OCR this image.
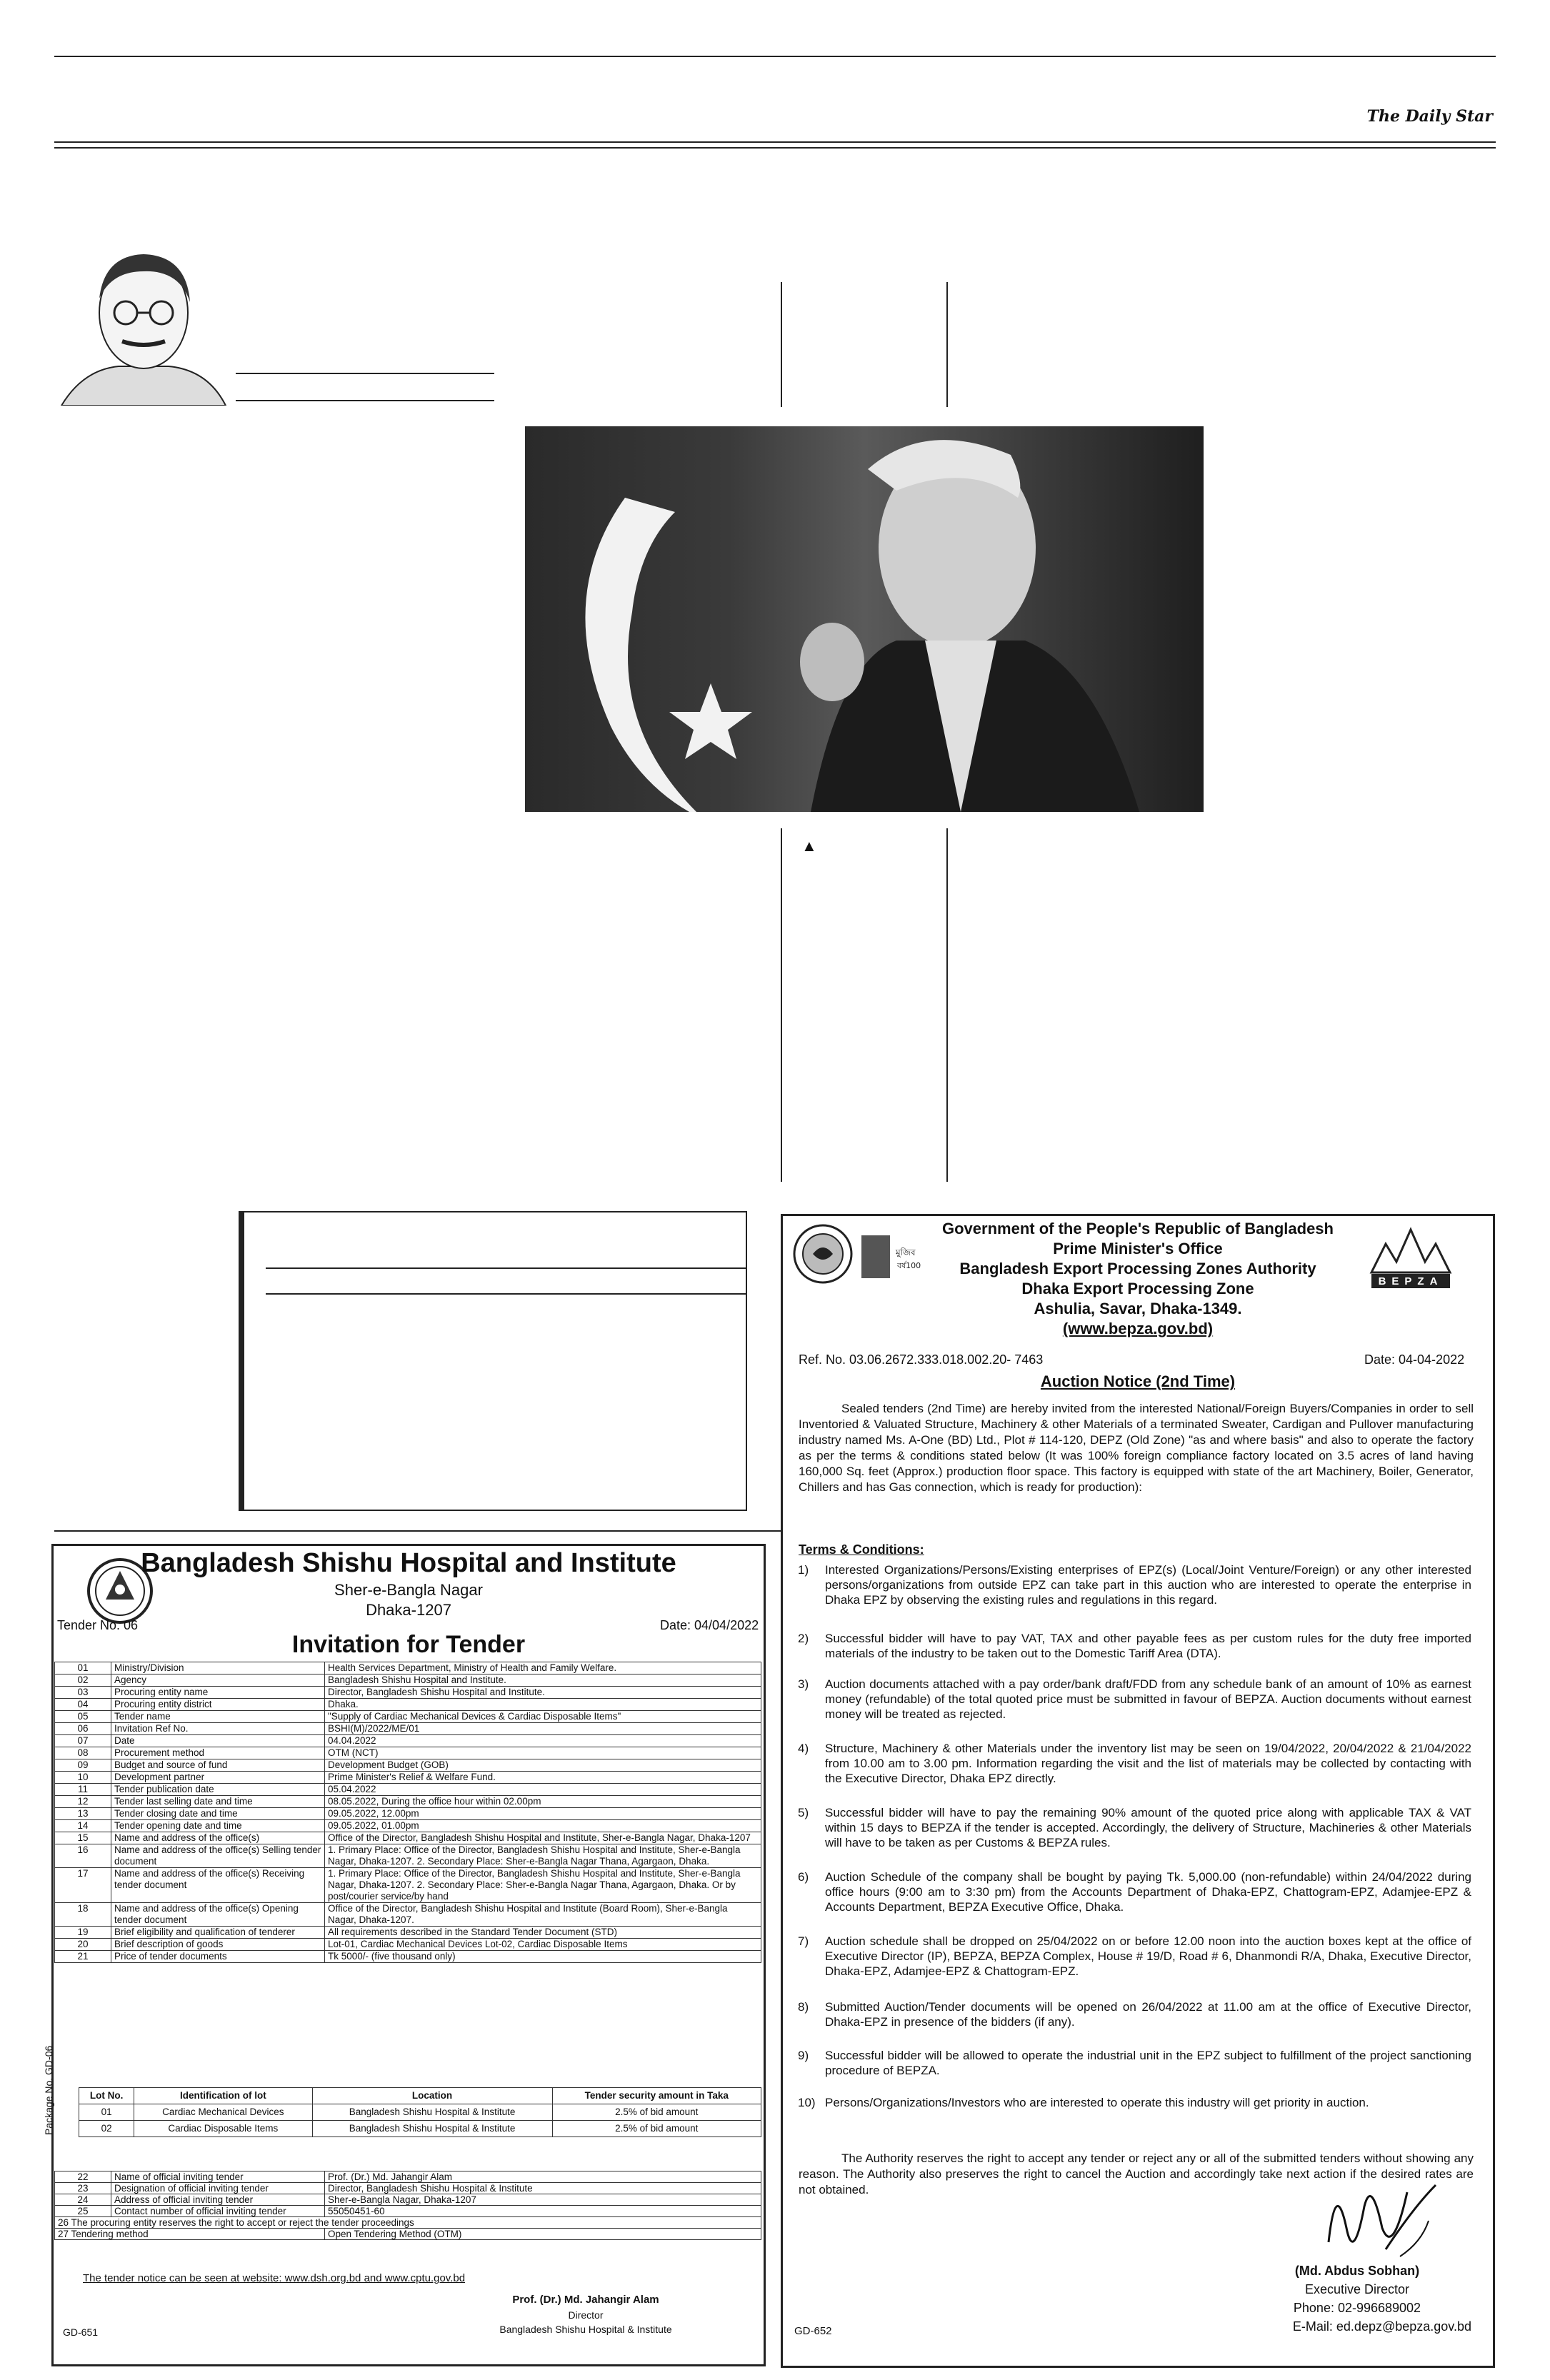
The Daily Star
▲
Bangladesh Shishu Hospital and Institute
Sher-e-Bangla Nagar
Dhaka-1207
Tender No. 06	Date: 04/04/2022
Invitation for Tender
01	Ministry/Division	Health Services Department, Ministry of Health and Family Welfare.
02	Agency	Bangladesh Shishu Hospital and Institute.
03	Procuring entity name	Director, Bangladesh Shishu Hospital and Institute.
04	Procuring entity district	Dhaka.
05	Tender name	"Supply of Cardiac Mechanical Devices & Cardiac Disposable Items"
06	Invitation Ref No.	BSHI(M)/2022/ME/01
07	Date	04.04.2022
08	Procurement method	OTM (NCT)
09	Budget and source of fund	Development Budget (GOB)
10	Development partner	Prime Minister's Relief & Welfare Fund.
11	Tender publication date	05.04.2022
12	Tender last selling date and time	08.05.2022, During the office hour within 02.00pm
13	Tender closing date and time	09.05.2022, 12.00pm
14	Tender opening date and time	09.05.2022, 01.00pm
15	Name and address of the office(s)	Office of the Director, Bangladesh Shishu Hospital and Institute, Sher-e-Bangla Nagar, Dhaka-1207
16	Name and address of the office(s) Selling tender document	1. Primary Place: Office of the Director, Bangladesh Shishu Hospital and Institute, Sher-e-Bangla Nagar, Dhaka-1207. 2. Secondary Place: Sher-e-Bangla Nagar Thana, Agargaon, Dhaka.
17	Name and address of the office(s) Receiving tender document	1. Primary Place: Office of the Director, Bangladesh Shishu Hospital and Institute, Sher-e-Bangla Nagar, Dhaka-1207. 2. Secondary Place: Sher-e-Bangla Nagar Thana, Agargaon, Dhaka. Or by post/courier service/by hand
18	Name and address of the office(s) Opening tender document	Office of the Director, Bangladesh Shishu Hospital and Institute (Board Room), Sher-e-Bangla Nagar, Dhaka-1207.
19	Brief eligibility and qualification of tenderer	All requirements described in the Standard Tender Document (STD)
20	Brief description of goods	Lot-01, Cardiac Mechanical Devices Lot-02, Cardiac Disposable Items
21	Price of tender documents	Tk 5000/- (five thousand only)
Package No. GD-06	Lot No.	Identification of lot	Location	Tender security amount in Taka
01	Cardiac Mechanical Devices	Bangladesh Shishu Hospital & Institute	2.5% of bid amount
02	Cardiac Disposable Items	Bangladesh Shishu Hospital & Institute	2.5% of bid amount
22	Name of official inviting tender	Prof. (Dr.) Md. Jahangir Alam
23	Designation of official inviting tender	Director, Bangladesh Shishu Hospital & Institute
24	Address of official inviting tender	Sher-e-Bangla Nagar, Dhaka-1207
25	Contact number of official inviting tender	55050451-60
26 The procuring entity reserves the right to accept or reject the tender proceedings		
27 Tendering method		Open Tendering Method (OTM)
The tender notice can be seen at website: www.dsh.org.bd and www.cptu.gov.bd
Prof. (Dr.) Md. Jahangir Alam
Director
Bangladesh Shishu Hospital & Institute
GD-651
মুজিব
বর্ষ100
BEPZA
Government of the People's Republic of Bangladesh
Prime Minister's Office
Bangladesh Export Processing Zones Authority
Dhaka Export Processing Zone
Ashulia, Savar, Dhaka-1349.
(www.bepza.gov.bd)
Ref. No. 03.06.2672.333.018.002.20- 7463	Date: 04-04-2022
Auction Notice (2nd Time)
Sealed tenders (2nd Time) are hereby invited from the interested National/Foreign Buyers/Companies in order to sell Inventoried & Valuated Structure, Machinery & other Materials of a terminated Sweater, Cardigan and Pullover manufacturing industry named Ms. A-One (BD) Ltd., Plot # 114-120, DEPZ (Old Zone) "as and where basis" and also to operate the factory as per the terms & conditions stated below (It was 100% foreign compliance factory located on 3.5 acres of land having 160,000 Sq. feet (Approx.) production floor space. This factory is equipped with state of the art Machinery, Boiler, Generator, Chillers and has Gas connection, which is ready for production):
Terms & Conditions:
1) Interested Organizations/Persons/Existing enterprises of EPZ(s) (Local/Joint Venture/Foreign) or any other interested persons/organizations from outside EPZ can take part in this auction who are interested to operate the enterprise in Dhaka EPZ by observing the existing rules and regulations in this regard.
2) Successful bidder will have to pay VAT, TAX and other payable fees as per custom rules for the duty free imported materials of the industry to be taken out to the Domestic Tariff Area (DTA).
3) Auction documents attached with a pay order/bank draft/FDD from any schedule bank of an amount of 10% as earnest money (refundable) of the total quoted price must be submitted in favour of BEPZA. Auction documents without earnest money will be treated as rejected.
4) Structure, Machinery & other Materials under the inventory list may be seen on 19/04/2022, 20/04/2022 & 21/04/2022 from 10.00 am to 3.00 pm. Information regarding the visit and the list of materials may be collected by contacting with the Executive Director, Dhaka EPZ directly.
5) Successful bidder will have to pay the remaining 90% amount of the quoted price along with applicable TAX & VAT within 15 days to BEPZA if the tender is accepted. Accordingly, the delivery of Structure, Machineries & other Materials will have to be taken as per Customs & BEPZA rules.
6) Auction Schedule of the company shall be bought by paying Tk. 5,000.00 (non-refundable) within 24/04/2022 during office hours (9:00 am to 3:30 pm) from the Accounts Department of Dhaka-EPZ, Chattogram-EPZ, Adamjee-EPZ & Accounts Department, BEPZA Executive Office, Dhaka.
7) Auction schedule shall be dropped on 25/04/2022 on or before 12.00 noon into the auction boxes kept at the office of Executive Director (IP), BEPZA, BEPZA Complex, House # 19/D, Road # 6, Dhanmondi R/A, Dhaka, Executive Director, Dhaka-EPZ, Adamjee-EPZ & Chattogram-EPZ.
8) Submitted Auction/Tender documents will be opened on 26/04/2022 at 11.00 am at the office of Executive Director, Dhaka-EPZ in presence of the bidders (if any).
9) Successful bidder will be allowed to operate the industrial unit in the EPZ subject to fulfillment of the project sanctioning procedure of BEPZA.
10) Persons/Organizations/Investors who are interested to operate this industry will get priority in auction.
The Authority reserves the right to accept any tender or reject any or all of the submitted tenders without showing any reason. The Authority also preserves the right to cancel the Auction and accordingly take next action if the desired rates are not obtained.
(Md. Abdus Sobhan)
Executive Director
Phone: 02-996689002
E-Mail: ed.depz@bepza.gov.bd
GD-652
